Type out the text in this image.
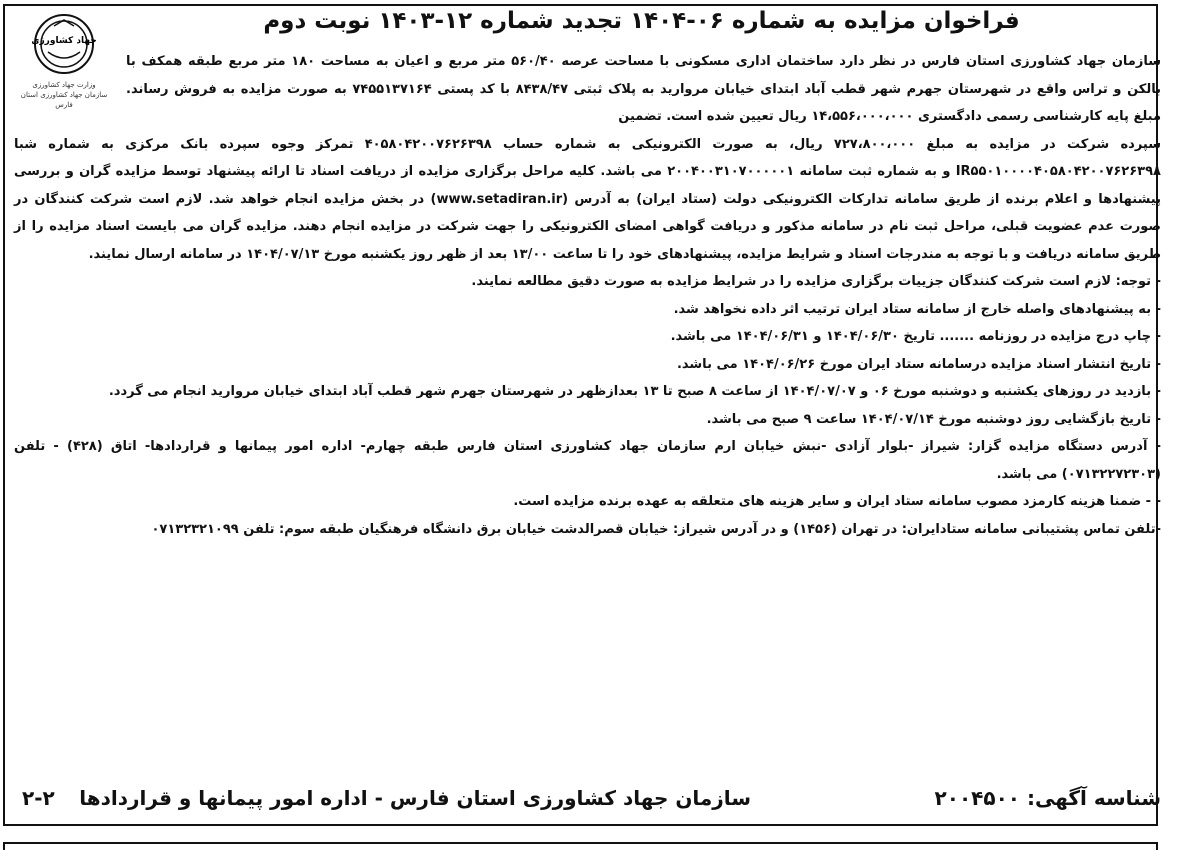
جهاد کشاورزی
وزارت جهاد کشاورزی
سازمان جهاد کشاورزی استان فارس
فراخوان مزایده به شماره ۰۶-۱۴۰۴ تجدید شماره ۱۲-۱۴۰۳ نوبت دوم

سازمان جهاد کشاورزی استان فارس در نظر دارد ساختمان اداری مسکونی با مساحت عرصه ۵۶۰/۴۰ متر مربع و اعیان به مساحت ۱۸۰ متر مربع طبقه همکف با بالکن و تراس واقع در شهرستان جهرم شهر قطب آباد ابتدای خیابان مروارید به پلاک ثبتی ۸۴۳۸/۴۷ با کد پستی ۷۴۵۵۱۳۷۱۶۴ به صورت مزایده به فروش رساند. مبلغ پایه کارشناسی رسمی دادگستری ۱۴،۵۵۶،۰۰۰،۰۰۰ ریال تعیین شده است. تضمین

سپرده شرکت در مزایده به مبلغ ۷۲۷،۸۰۰،۰۰۰ ریال، به صورت الکترونیکی به شماره حساب ۴۰۵۸۰۴۲۰۰۷۶۲۶۳۹۸ تمرکز وجوه سپرده بانک مرکزی به شماره شبا IR۵۵۰۱۰۰۰۰۴۰۵۸۰۴۲۰۰۷۶۲۶۳۹۸ و به شماره ثبت سامانه ۲۰۰۴۰۰۳۱۰۷۰۰۰۰۰۱ می باشد. کلیه مراحل برگزاری مزایده از دریافت اسناد تا ارائه پیشنهاد توسط مزایده گران و بررسی پیشنهادها و اعلام برنده از طریق سامانه تدارکات الکترونیکی دولت (ستاد ایران) به آدرس (www.setadiran.ir) در بخش مزایده انجام خواهد شد. لازم است شرکت کنندگان در صورت عدم عضویت قبلی، مراحل ثبت نام در سامانه مذکور و دریافت گواهی امضای الکترونیکی را جهت شرکت در مزایده انجام دهند. مزایده گران می بایست اسناد مزایده را از طریق سامانه دریافت و با توجه به مندرجات اسناد و شرایط مزایده، پیشنهادهای خود را تا ساعت ۱۳/۰۰ بعد از ظهر روز یکشنبه مورخ ۱۴۰۴/۰۷/۱۳ در سامانه ارسال نمایند.

- توجه: لازم است شرکت کنندگان جزییات برگزاری مزایده را در شرایط مزایده به صورت دقیق مطالعه نمایند.

- به پیشنهادهای واصله خارج از سامانه ستاد ایران ترتیب اثر داده نخواهد شد.

- چاپ درج مزایده در روزنامه ....... تاریخ ۱۴۰۴/۰۶/۳۰ و ۱۴۰۴/۰۶/۳۱ می باشد.

- تاریخ انتشار اسناد مزایده درسامانه ستاد ایران مورخ ۱۴۰۴/۰۶/۲۶ می باشد.

- بازدید در روزهای یکشنبه و دوشنبه مورخ ۰۶ و ۱۴۰۴/۰۷/۰۷ از ساعت ۸ صبح تا ۱۳ بعدازظهر در شهرستان جهرم شهر قطب آباد ابتدای خیابان مروارید انجام می گردد.

- تاریخ بازگشایی روز دوشنبه مورخ ۱۴۰۴/۰۷/۱۴ ساعت ۹ صبح می باشد.

- آدرس دستگاه مزایده گزار: شیراز -بلوار آزادی -نبش خیابان ارم سازمان جهاد کشاورزی استان فارس طبقه چهارم- اداره امور پیمانها و قراردادها- اتاق (۴۲۸) - تلفن (۰۷۱۳۲۲۷۲۳۰۳) می باشد.

- - ضمنا هزینه کارمزد مصوب سامانه ستاد ایران و سایر هزینه های متعلقه به عهده برنده مزایده است.

-تلفن تماس پشتیبانی سامانه ستادایران: در تهران (۱۴۵۶) و در آدرس شیراز: خیابان قصرالدشت خیابان برق دانشگاه فرهنگیان طبقه سوم: تلفن ۰۷۱۳۲۳۲۱۰۹۹

شناسه آگهی: ۲۰۰۴۵۰۰
سازمان جهاد کشاورزی استان فارس - اداره امور پیمانها و قراردادها
۲-۲
